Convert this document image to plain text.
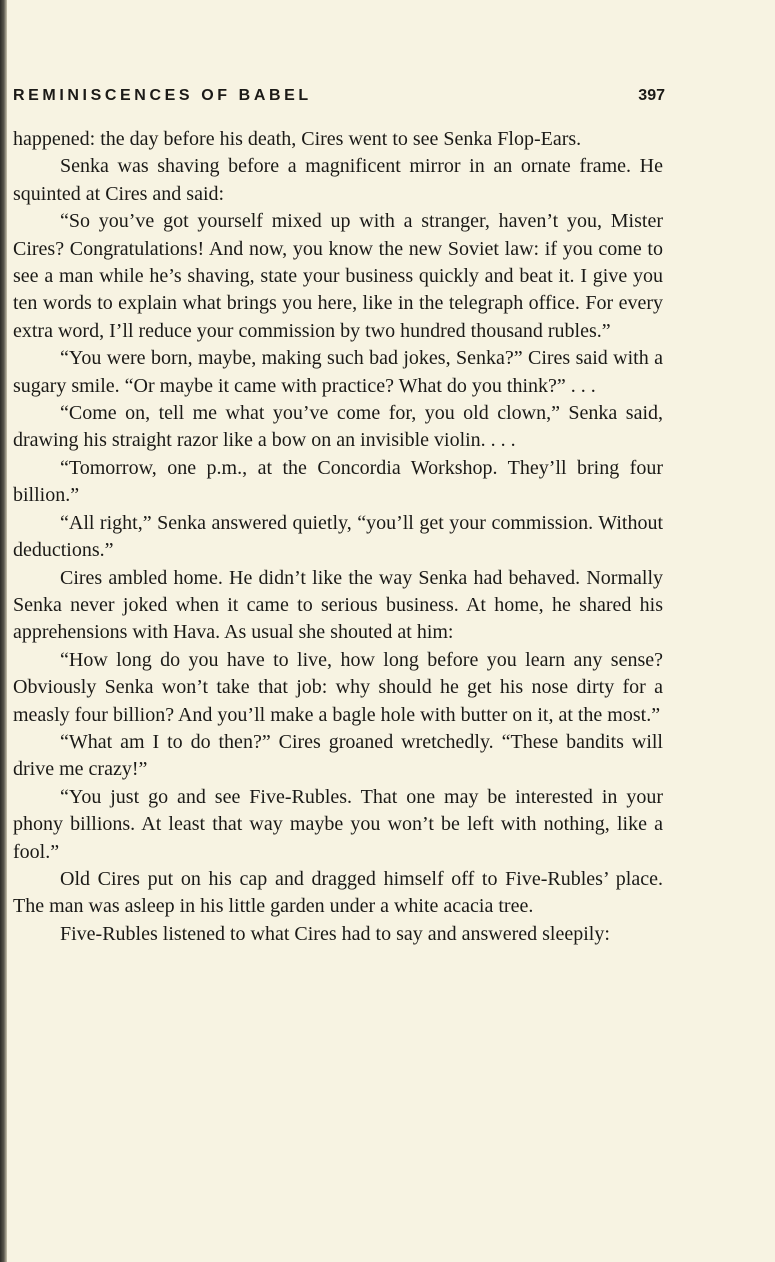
REMINISCENCES OF BABEL	397

happened: the day before his death, Cires went to see Senka Flop-Ears.

Senka was shaving before a magnificent mirror in an ornate frame. He squinted at Cires and said:

“So you’ve got yourself mixed up with a stranger, haven’t you, Mister Cires? Congratulations! And now, you know the new Soviet law: if you come to see a man while he’s shaving, state your business quickly and beat it. I give you ten words to explain what brings you here, like in the telegraph office. For every extra word, I’ll reduce your commission by two hundred thousand rubles.”

“You were born, maybe, making such bad jokes, Senka?” Cires said with a sugary smile. “Or maybe it came with practice? What do you think?” . . .

“Come on, tell me what you’ve come for, you old clown,” Senka said, drawing his straight razor like a bow on an invisible violin. . . .

“Tomorrow, one p.m., at the Concordia Workshop. They’ll bring four billion.”

“All right,” Senka answered quietly, “you’ll get your commission. Without deductions.”

Cires ambled home. He didn’t like the way Senka had behaved. Normally Senka never joked when it came to serious business. At home, he shared his apprehensions with Hava. As usual she shouted at him:

“How long do you have to live, how long before you learn any sense? Obviously Senka won’t take that job: why should he get his nose dirty for a measly four billion? And you’ll make a bagle hole with butter on it, at the most.”

“What am I to do then?” Cires groaned wretchedly. “These bandits will drive me crazy!”

“You just go and see Five-Rubles. That one may be interested in your phony billions. At least that way maybe you won’t be left with nothing, like a fool.”

Old Cires put on his cap and dragged himself off to Five-Rubles’ place. The man was asleep in his little garden under a white acacia tree.

Five-Rubles listened to what Cires had to say and answered sleepily:
